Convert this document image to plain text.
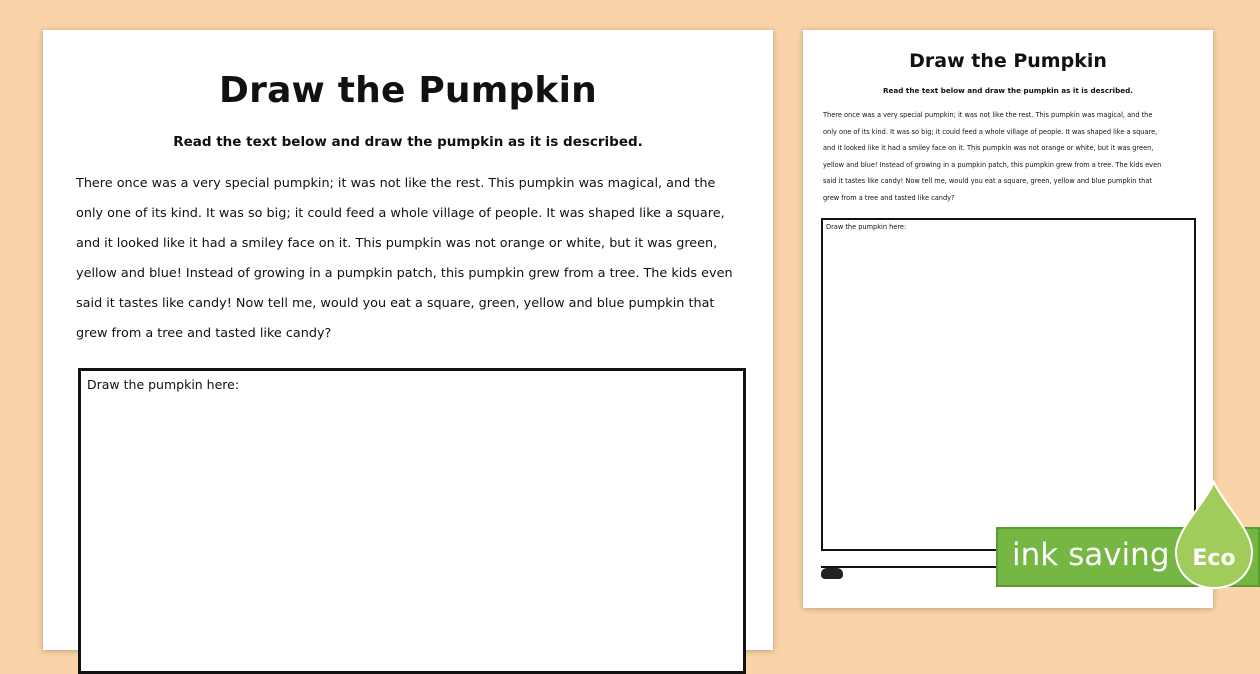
Draw the Pumpkin
Read the text below and draw the pumpkin as it is described.
There once was a very special pumpkin; it was not like the rest. This pumpkin was magical, and the
only one of its kind. It was so big; it could feed a whole village of people. It was shaped like a square,
and it looked like it had a smiley face on it. This pumpkin was not orange or white, but it was green,
yellow and blue! Instead of growing in a pumpkin patch, this pumpkin grew from a tree. The kids even
said it tastes like candy! Now tell me, would you eat a square, green, yellow and blue pumpkin that
grew from a tree and tasted like candy?
Draw the pumpkin here:
Draw the Pumpkin
Read the text below and draw the pumpkin as it is described.
There once was a very special pumpkin; it was not like the rest. This pumpkin was magical, and the
only one of its kind. It was so big; it could feed a whole village of people. It was shaped like a square,
and it looked like it had a smiley face on it. This pumpkin was not orange or white, but it was green,
yellow and blue! Instead of growing in a pumpkin patch, this pumpkin grew from a tree. The kids even
said it tastes like candy! Now tell me, would you eat a square, green, yellow and blue pumpkin that
grew from a tree and tasted like candy?
Draw the pumpkin here:
ink saving	Eco
